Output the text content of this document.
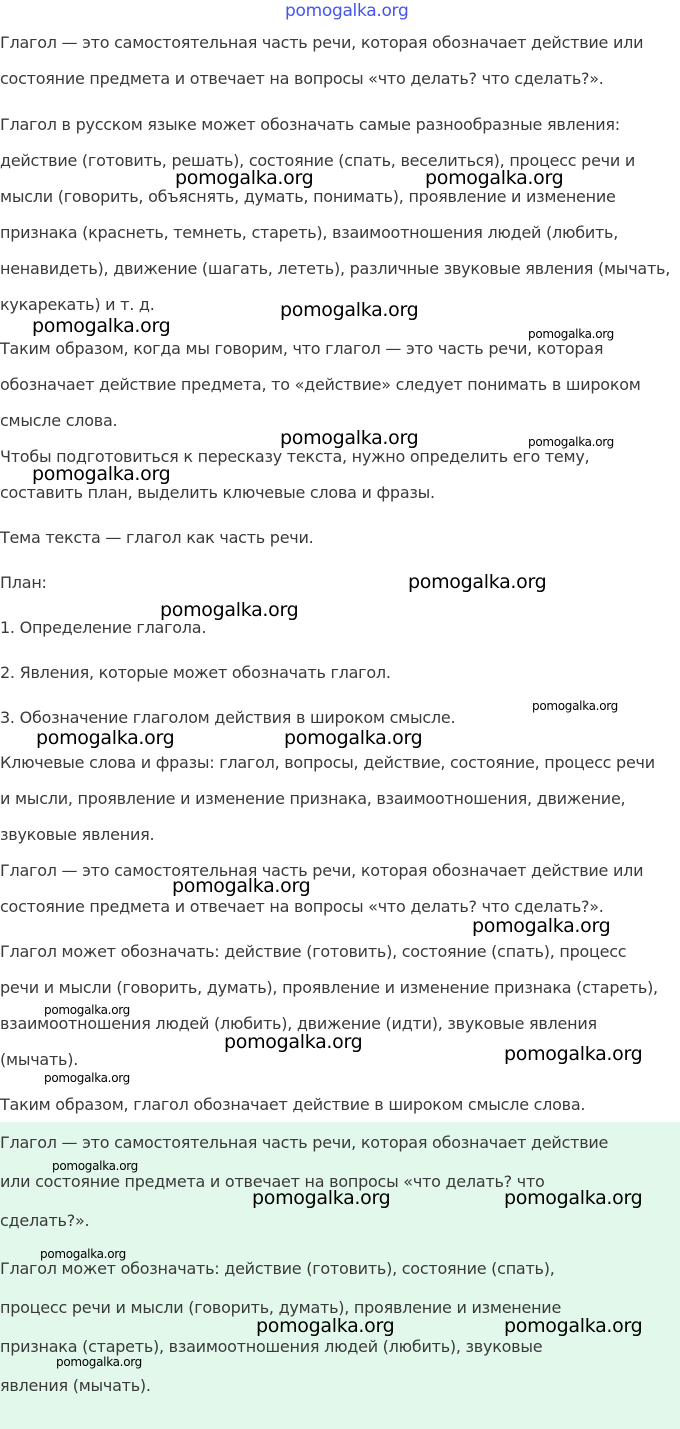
pomogalka.org
Глагол — это самостоятельная часть речи, которая обозначает действие или
состояние предмета и отвечает на вопросы «что делать? что сделать?».
Глагол в русском языке может обозначать самые разнообразные явления:
действие (готовить, решать), состояние (спать, веселиться), процесс речи и
мысли (говорить, объяснять, думать, понимать), проявление и изменение
признака (краснеть, темнеть, стареть), взаимоотношения людей (любить,
ненавидеть), движение (шагать, лететь), различные звуковые явления (мычать,
кукарекать) и т. д.
Таким образом, когда мы говорим, что глагол — это часть речи, которая
обозначает действие предмета, то «действие» следует понимать в широком
смысле слова.
Чтобы подготовиться к пересказу текста, нужно определить его тему,
составить план, выделить ключевые слова и фразы.
Тема текста — глагол как часть речи.
План:
1. Определение глагола.
2. Явления, которые может обозначать глагол.
3. Обозначение глаголом действия в широком смысле.
Ключевые слова и фразы: глагол, вопросы, действие, состояние, процесс речи
и мысли, проявление и изменение признака, взаимоотношения, движение,
звуковые явления.
Глагол — это самостоятельная часть речи, которая обозначает действие или
состояние предмета и отвечает на вопросы «что делать? что сделать?».
Глагол может обозначать: действие (готовить), состояние (спать), процесс
речи и мысли (говорить, думать), проявление и изменение признака (стареть),
взаимоотношения людей (любить), движение (идти), звуковые явления
(мычать).
Таким образом, глагол обозначает действие в широком смысле слова.
Глагол — это самостоятельная часть речи, которая обозначает действие
или состояние предмета и отвечает на вопросы «что делать? что
сделать?».
Глагол может обозначать: действие (готовить), состояние (спать),
процесс речи и мысли (говорить, думать), проявление и изменение
признака (стареть), взаимоотношения людей (любить), звуковые
явления (мычать).
pomogalka.org	pomogalka.org
pomogalka.org
pomogalka.org	pomogalka.org
pomogalka.org	pomogalka.org
pomogalka.org
pomogalka.org
pomogalka.org
pomogalka.org
pomogalka.org	pomogalka.org
pomogalka.org
pomogalka.org
pomogalka.org
pomogalka.org
pomogalka.org
pomogalka.org
pomogalka.org
pomogalka.org	pomogalka.org
pomogalka.org
pomogalka.org	pomogalka.org
pomogalka.org
